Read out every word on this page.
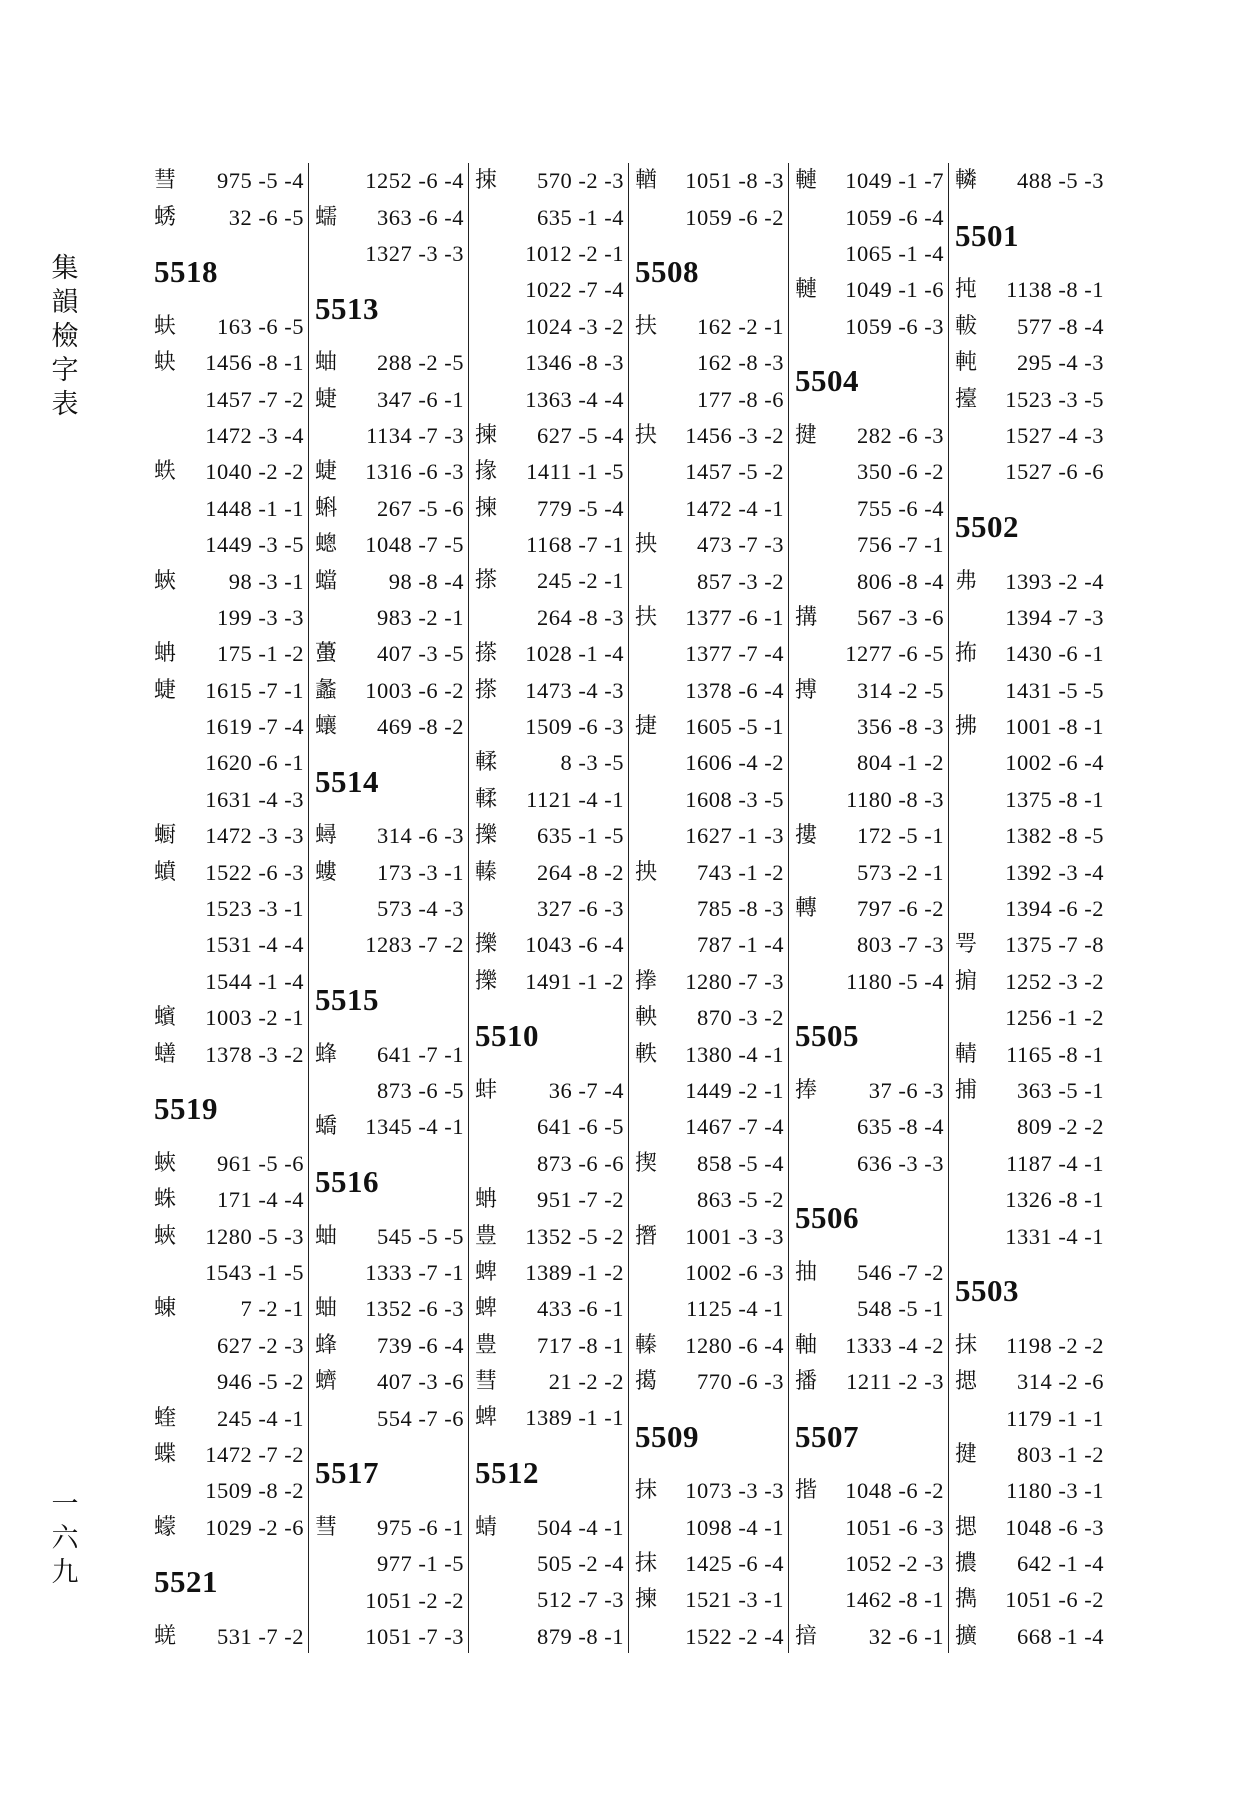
集
韻
檢
字
表
一
六
九
彗	975 -5 -4
蜏	32 -6 -5
5518
蚨	163 -6 -5
蚗	1456 -8 -1
1457 -7 -2
1472 -3 -4
蛈	1040 -2 -2
1448 -1 -1
1449 -3 -5
蛺	98 -3 -1
199 -3 -3
蚺	175 -1 -2
蜨	1615 -7 -1
1619 -7 -4
1620 -6 -1
1631 -4 -3
蟵	1472 -3 -3
蟦	1522 -6 -3
1523 -3 -1
1531 -4 -4
1544 -1 -4
蠙	1003 -2 -1
蟮	1378 -3 -2
5519
蛺	961 -5 -6
蛛	171 -4 -4
蛺	1280 -5 -3
1543 -1 -5
蝀	7 -2 -1
627 -2 -3
946 -5 -2
蝰	245 -4 -1
蝶	1472 -7 -2
1509 -8 -2
蠓	1029 -2 -6
5521
蜣	531 -7 -2
1252 -6 -4
蠕	363 -6 -4
1327 -3 -3
5513
蚰	288 -2 -5
蜨	347 -6 -1
1134 -7 -3
蜨	1316 -6 -3
蝌	267 -5 -6
蟌	1048 -7 -5
蟷	98 -8 -4
983 -2 -1
蠆	407 -3 -5
蠡	1003 -6 -2
蠰	469 -8 -2
5514
蟳	314 -6 -3
螻	173 -3 -1
573 -4 -3
1283 -7 -2
5515
蜂	641 -7 -1
873 -6 -5
蟜	1345 -4 -1
5516
蚰	545 -5 -5
1333 -7 -1
蚰	1352 -6 -3
蜂	739 -6 -4
蠐	407 -3 -6
554 -7 -6
5517
彗	975 -6 -1
977 -1 -5
1051 -2 -2
1051 -7 -3
捒	570 -2 -3
635 -1 -4
1012 -2 -1
1022 -7 -4
1024 -3 -2
1346 -8 -3
1363 -4 -4
揀	627 -5 -4
掾	1411 -1 -5
揀	779 -5 -4
1168 -7 -1
搽	245 -2 -1
264 -8 -3
搽	1028 -1 -4
搽	1473 -4 -3
1509 -6 -3
輮	8 -3 -5
輮	1121 -4 -1
擽	635 -1 -5
轃	264 -8 -2
327 -6 -3
擽	1043 -6 -4
擽	1491 -1 -2
5510
蚌	36 -7 -4
641 -6 -5
873 -6 -6
蚺	951 -7 -2
豊	1352 -5 -2
蜱	1389 -1 -2
蜱	433 -6 -1
豊	717 -8 -1
彗	21 -2 -2
蜱	1389 -1 -1
5512
蜻	504 -4 -1
505 -2 -4
512 -7 -3
879 -8 -1
輶	1051 -8 -3
1059 -6 -2
5508
扶	162 -2 -1
162 -8 -3
177 -8 -6
抉	1456 -3 -2
1457 -5 -2
1472 -4 -1
抰	473 -7 -3
857 -3 -2
扶	1377 -6 -1
1377 -7 -4
1378 -6 -4
捷	1605 -5 -1
1606 -4 -2
1608 -3 -5
1627 -1 -3
抰	743 -1 -2
785 -8 -3
787 -1 -4
搼	1280 -7 -3
軮	870 -3 -2
軼	1380 -4 -1
1449 -2 -1
1467 -7 -4
揳	858 -5 -4
863 -5 -2
撍	1001 -3 -3
1002 -6 -3
1125 -4 -1
轃	1280 -6 -4
擖	770 -6 -3
5509
抹	1073 -3 -3
1098 -4 -1
抹	1425 -6 -4
揀	1521 -3 -1
1522 -2 -4
轋	1049 -1 -7
1059 -6 -4
1065 -1 -4
轋	1049 -1 -6
1059 -6 -3
5504
揵	282 -6 -3
350 -6 -2
755 -6 -4
756 -7 -1
806 -8 -4
搆	567 -3 -6
1277 -6 -5
搏	314 -2 -5
356 -8 -3
804 -1 -2
1180 -8 -3
摟	172 -5 -1
573 -2 -1
轉	797 -6 -2
803 -7 -3
1180 -5 -4
5505
捧	37 -6 -3
635 -8 -4
636 -3 -3
5506
抽	546 -7 -2
548 -5 -1
軸	1333 -4 -2
播	1211 -2 -3
5507
揩	1048 -6 -2
1051 -6 -3
1052 -2 -3
1462 -8 -1
揞	32 -6 -1
轔	488 -5 -3
5501
扽	1138 -8 -1
軷	577 -8 -4
軘	295 -4 -3
擡	1523 -3 -5
1527 -4 -3
1527 -6 -6
5502
弗	1393 -2 -4
1394 -7 -3
抪	1430 -6 -1
1431 -5 -5
拂	1001 -8 -1
1002 -6 -4
1375 -8 -1
1382 -8 -5
1392 -3 -4
1394 -6 -2
咢	1375 -7 -8
掮	1252 -3 -2
1256 -1 -2
輤	1165 -8 -1
捕	363 -5 -1
809 -2 -2
1187 -4 -1
1326 -8 -1
1331 -4 -1
5503
抹	1198 -2 -2
揌	314 -2 -6
1179 -1 -1
揵	803 -1 -2
1180 -3 -1
揌	1048 -6 -3
擃	642 -1 -4
擕	1051 -6 -2
擴	668 -1 -4
